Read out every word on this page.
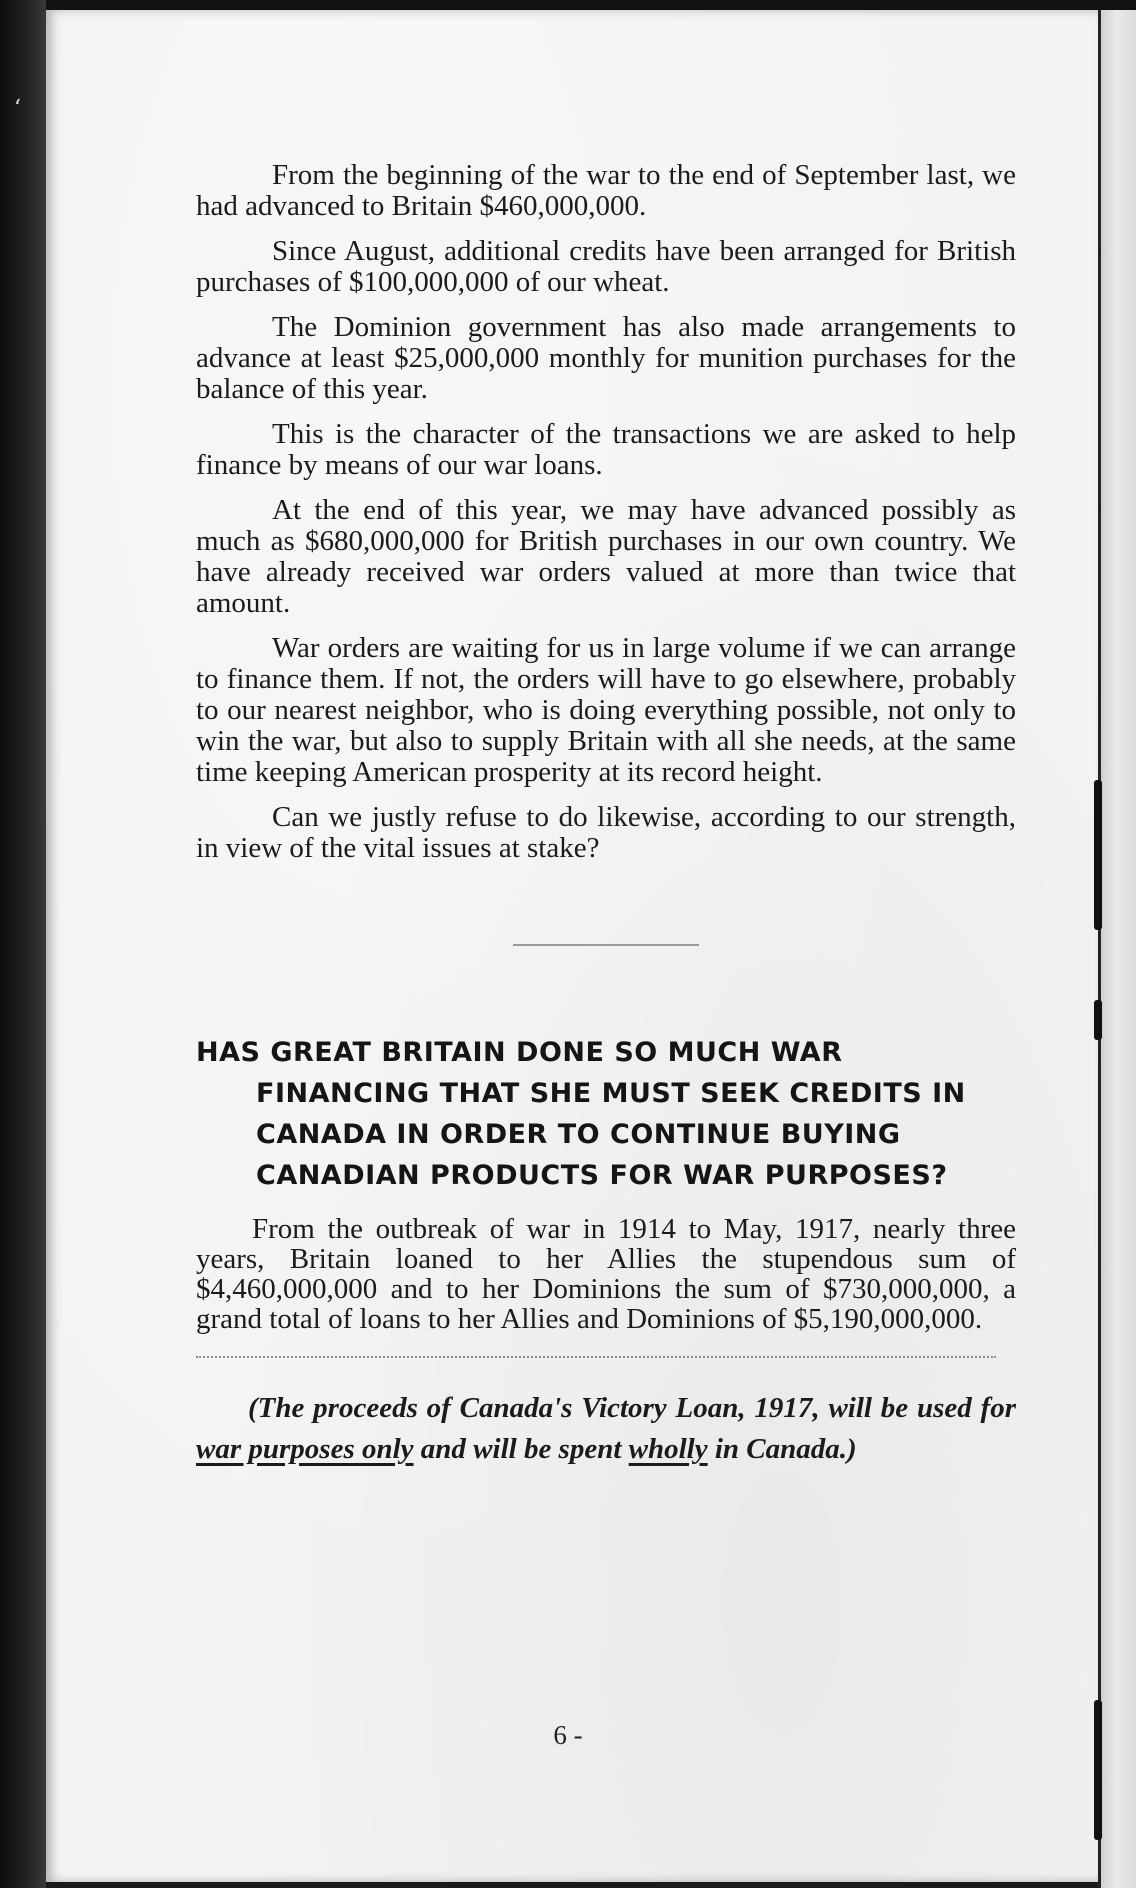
‘

From the beginning of the war to the end of September last, we had advanced to Britain $460,000,000.

Since August, additional credits have been arranged for British purchases of $100,000,000 of our wheat.

The Dominion government has also made arrangements to advance at least $25,000,000 monthly for munition purchases for the balance of this year.

This is the character of the transactions we are asked to help finance by means of our war loans.

At the end of this year, we may have advanced possibly as much as $680,000,000 for British purchases in our own country. We have already received war orders valued at more than twice that amount.

War orders are waiting for us in large volume if we can arrange to finance them. If not, the orders will have to go elsewhere, probably to our nearest neighbor, who is doing everything possible, not only to win the war, but also to supply Britain with all she needs, at the same time keeping American prosperity at its record height.

Can we justly refuse to do likewise, according to our strength, in view of the vital issues at stake?

HAS GREAT BRITAIN DONE SO MUCH WAR FINANCING THAT SHE MUST SEEK CREDITS IN CANADA IN ORDER TO CONTINUE BUYING CANADIAN PRODUCTS FOR WAR PURPOSES?

From the outbreak of war in 1914 to May, 1917, nearly three years, Britain loaned to her Allies the stupendous sum of $4,460,000,000 and to her Dominions the sum of $730,000,000, a grand total of loans to her Allies and Dominions of $5,190,000,000.

(The proceeds of Canada's Victory Loan, 1917, will be used for war purposes only and will be spent wholly in Canada.)

6 -
